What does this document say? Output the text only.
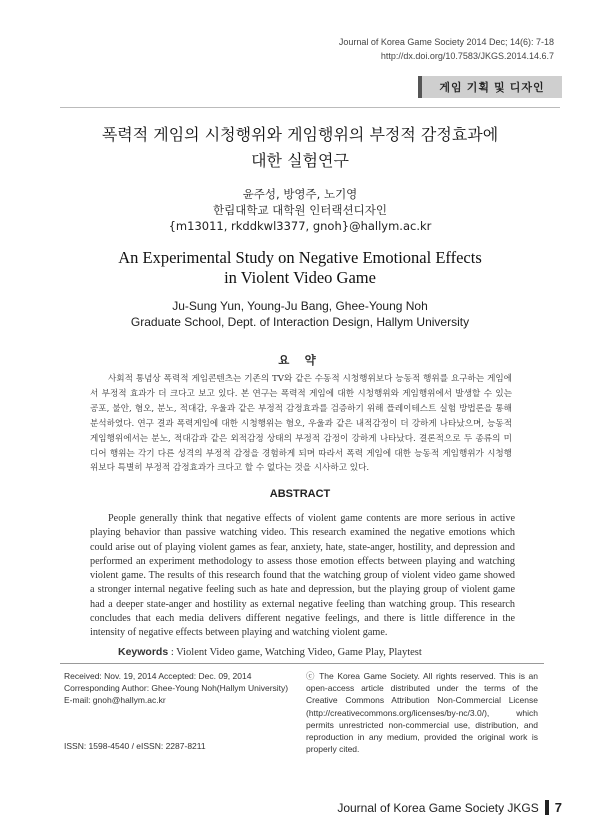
Journal of Korea Game Society 2014 Dec; 14(6): 7-18
http://dx.doi.org/10.7583/JKGS.2014.14.6.7
게임 기획 및 디자인
폭력적 게임의 시청행위와 게임행위의 부정적 감정효과에
대한 실험연구
윤주성, 방영주, 노기영
한림대학교 대학원 인터랙션디자인
{m13011, rkddkwl3377, gnoh}@hallym.ac.kr
An Experimental Study on Negative Emotional Effects
in Violent Video Game
Ju-Sung Yun, Young-Ju Bang, Ghee-Young Noh
Graduate School, Dept. of Interaction Design, Hallym University
요 약
사회적 통념상 폭력적 게임콘텐츠는 기존의 TV와 같은 수동적 시청행위보다 능동적 행위를 요구하는 게임에서 부정적 효과가 더 크다고 보고 있다. 본 연구는 폭력적 게임에 대한 시청행위와 게임행위에서 발생할 수 있는 공포, 불안, 혐오, 분노, 적대감, 우울과 같은 부정적 감정효과를 검증하기 위해 플레이테스트 실험 방법론을 통해 분석하였다. 연구 결과 폭력게임에 대한 시청행위는 혐오, 우울과 같은 내적감정이 더 강하게 나타났으며, 능동적 게임행위에서는 분노, 적대감과 같은 외적감정 상태의 부정적 감정이 강하게 나타났다. 결론적으로 두 종류의 미디어 행위는 각기 다른 성격의 부정적 감정을 경험하게 되며 따라서 폭력 게임에 대한 능동적 게임행위가 시청행위보다 특별히 부정적 감정효과가 크다고 할 수 없다는 것을 시사하고 있다.
ABSTRACT
People generally think that negative effects of violent game contents are more serious in active playing behavior than passive watching video. This research examined the negative emotions which could arise out of playing violent games as fear, anxiety, hate, state-anger, hostility, and depression and performed an experiment methodology to assess those emotion effects between playing and watching violent game. The results of this research found that the watching group of violent video game showed a stronger internal negative feeling such as hate and depression, but the playing group of violent game had a deeper state-anger and hostility as external negative feeling than watching group. This research concludes that each media delivers different negative feelings, and there is little difference in the intensity of negative effects between playing and watching violent game.
Keywords : Violent Video game, Watching Video, Game Play, Playtest
Received: Nov. 19, 2014 Accepted: Dec. 09, 2014
Corresponding Author: Ghee-Young Noh(Hallym University)
E-mail: gnoh@hallym.ac.kr
ISSN: 1598-4540 / eISSN: 2287-8211
ⓒ The Korea Game Society. All rights reserved. This is an open-access article distributed under the terms of the Creative Commons Attribution Non-Commercial License (http://creativecommons.org/licenses/by-nc/3.0/), which permits unrestricted non-commercial use, distribution, and reproduction in any medium, provided the original work is properly cited.
Journal of Korea Game Society JKGS 7
